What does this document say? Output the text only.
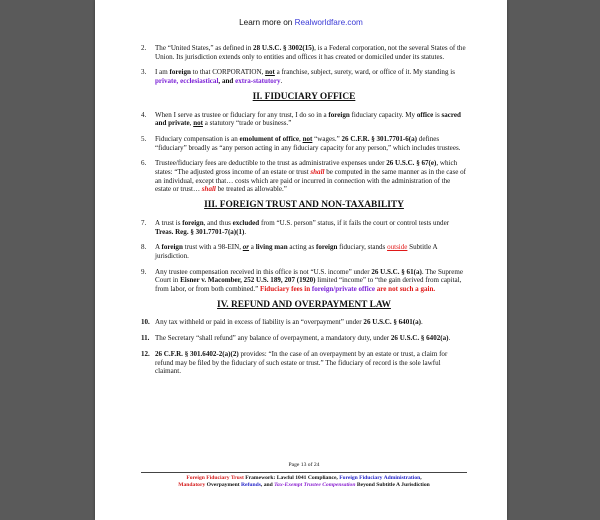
Learn more on Realworldfare.com
2.	The “United States,” as defined in 28 U.S.C. § 3002(15), is a Federal corporation, not the several States of the Union. Its jurisdiction extends only to entities and offices it has created or domiciled under its statutes.
3.	I am foreign to that CORPORATION, not a franchise, subject, surety, ward, or office of it. My standing is private, ecclesiastical, and extra-statutory.
II. FIDUCIARY OFFICE
4.	When I serve as trustee or fiduciary for any trust, I do so in a foreign fiduciary capacity. My office is sacred and private, not a statutory “trade or business.”
5.	Fiduciary compensation is an emolument of office, not “wages.” 26 C.F.R. § 301.7701-6(a) defines “fiduciary” broadly as “any person acting in any fiduciary capacity for any person,” which includes trustees.
6.	Trustee/fiduciary fees are deductible to the trust as administrative expenses under 26 U.S.C. § 67(e), which states: “The adjusted gross income of an estate or trust shall be computed in the same manner as in the case of an individual, except that… costs which are paid or incurred in connection with the administration of the estate or trust… shall be treated as allowable.”
III. FOREIGN TRUST AND NON-TAXABILITY
7.	A trust is foreign, and thus excluded from “U.S. person” status, if it fails the court or control tests under Treas. Reg. § 301.7701-7(a)(1).
8.	A foreign trust with a 98-EIN, or a living man acting as foreign fiduciary, stands outside Subtitle A jurisdiction.
9.	Any trustee compensation received in this office is not “U.S. income” under 26 U.S.C. § 61(a). The Supreme Court in Eisner v. Macomber, 252 U.S. 189, 207 (1920) limited “income” to “the gain derived from capital, from labor, or from both combined.” Fiduciary fees in foreign/private office are not such a gain.
IV. REFUND AND OVERPAYMENT LAW
10. Any tax withheld or paid in excess of liability is an “overpayment” under 26 U.S.C. § 6401(a).
11. The Secretary “shall refund” any balance of overpayment, a mandatory duty, under 26 U.S.C. § 6402(a).
12. 26 C.F.R. § 301.6402-2(a)(2) provides: “In the case of an overpayment by an estate or trust, a claim for refund may be filed by the fiduciary of such estate or trust.” The fiduciary of record is the sole lawful claimant.
Page 13 of 24
Foreign Fiduciary Trust Framework: Lawful 1041 Compliance, Foreign Fiduciary Administration,
Mandatory Overpayment Refunds, and Tax-Exempt Trustee Compensation Beyond Subtitle A Jurisdiction
